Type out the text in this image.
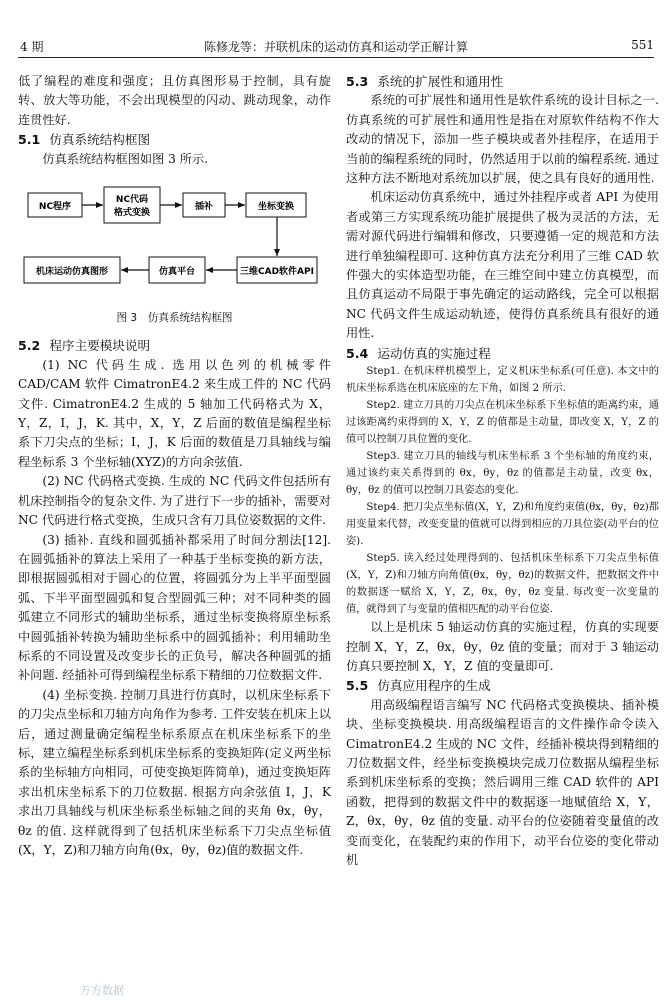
4 期	陈修龙等：并联机床的运动仿真和运动学正解计算	551

低了编程的难度和强度；且仿真图形易于控制，具有旋转、放大等功能，不会出现模型的闪动、跳动现象，动作连贯性好.

5.1 仿真系统结构框图

仿真系统结构框图如图 3 所示.

NC程序
NC代码
格式变换
插补	坐标变换
三维CAD软件API
仿真平台
机床运动仿真图形
图 3　仿真系统结构框图
5.2 程序主要模块说明

(1) NC 代码生成. 选用以色列的机械零件 CAD/CAM 软件 CimatronE4.2 来生成工件的 NC 代码文件. CimatronE4.2 生成的 5 轴加工代码格式为 X，Y，Z，I，J，K. 其中，X，Y，Z 后面的数值是编程坐标系下刀尖点的坐标；I，J，K 后面的数值是刀具轴线与编程坐标系 3 个坐标轴(XYZ)的方向余弦值.

(2) NC 代码格式变换. 生成的 NC 代码文件包括所有机床控制指令的复杂文件. 为了进行下一步的插补，需要对 NC 代码进行格式变换，生成只含有刀具位姿数据的文件.

(3) 插补. 直线和圆弧插补都采用了时间分割法[12]. 在圆弧插补的算法上采用了一种基于坐标变换的新方法，即根据圆弧相对于圆心的位置，将圆弧分为上半平面型圆弧、下半平面型圆弧和复合型圆弧三种；对不同种类的圆弧建立不同形式的辅助坐标系，通过坐标变换将原坐标系中圆弧插补转换为辅助坐标系中的圆弧插补；利用辅助坐标系的不同设置及改变步长的正负号，解决各种圆弧的插补问题. 经插补可得到编程坐标系下精细的刀位数据文件.

(4) 坐标变换. 控制刀具进行仿真时，以机床坐标系下的刀尖点坐标和刀轴方向角作为参考. 工件安装在机床上以后，通过测量确定编程坐标系原点在机床坐标系下的坐标，建立编程坐标系到机床坐标系的变换矩阵(定义两坐标系的坐标轴方向相同，可使变换矩阵简单)，通过变换矩阵求出机床坐标系下的刀位数据. 根据方向余弦值 I，J，K 求出刀具轴线与机床坐标系坐标轴之间的夹角 θx，θy，θz 的值. 这样就得到了包括机床坐标系下刀尖点坐标值(X，Y，Z)和刀轴方向角(θx，θy，θz)值的数据文件.

5.3 系统的扩展性和通用性

系统的可扩展性和通用性是软件系统的设计目标之一. 仿真系统的可扩展性和通用性是指在对原软件结构不作大改动的情况下，添加一些子模块或者外挂程序，在适用于当前的编程系统的同时，仍然适用于以前的编程系统. 通过这种方法不断地对系统加以扩展，使之具有良好的通用性.

机床运动仿真系统中，通过外挂程序或者 API 为使用者或第三方实现系统功能扩展提供了极为灵活的方法，无需对源代码进行编辑和修改，只要遵循一定的规范和方法进行单独编程即可. 这种仿真方法充分利用了三维 CAD 软件强大的实体造型功能，在三维空间中建立仿真模型，而且仿真运动不局限于事先确定的运动路线，完全可以根据 NC 代码文件生成运动轨迹，使得仿真系统具有很好的通用性.

5.4 运动仿真的实施过程

Step1. 在机床样机模型上，定义机床坐标系(可任意). 本文中的机床坐标系选在机床底座的左下角，如图 2 所示.

Step2. 建立刀具的刀尖点在机床坐标系下坐标值的距离约束，通过该距离约束得到的 X，Y，Z 的值都是主动量，即改变 X，Y，Z 的值可以控制刀具位置的变化.

Step3. 建立刀具的轴线与机床坐标系 3 个坐标轴的角度约束，通过该约束关系得到的 θx，θy，θz 的值都是主动量，改变 θx，θy，θz 的值可以控制刀具姿态的变化.

Step4. 把刀尖点坐标值(X，Y，Z)和角度约束值(θx，θy，θz)都用变量来代替，改变变量的值就可以得到相应的刀具位姿(动平台的位姿).

Step5. 读入经过处理得到的、包括机床坐标系下刀尖点坐标值(X，Y，Z)和刀轴方向角值(θx，θy，θz)的数据文件，把数据文件中的数据逐一赋给 X，Y，Z，θx，θy，θz 变量. 每改变一次变量的值，就得到了与变量的值相匹配的动平台位姿.

以上是机床 5 轴运动仿真的实施过程，仿真的实现要控制 X，Y，Z，θx，θy，θz 值的变量；而对于 3 轴运动仿真只要控制 X，Y，Z 值的变量即可.

5.5 仿真应用程序的生成

用高级编程语言编写 NC 代码格式变换模块、插补模块、坐标变换模块. 用高级编程语言的文件操作命令读入 CimatronE4.2 生成的 NC 文件，经插补模块得到精细的刀位数据文件，经坐标变换模块完成刀位数据从编程坐标系到机床坐标系的变换；然后调用三维 CAD 软件的 API 函数，把得到的数据文件中的数据逐一地赋值给 X，Y，Z，θx，θy，θz 值的变量. 动平台的位姿随着变量值的改变而变化，在装配约束的作用下，动平台位姿的变化带动机

万方数据
